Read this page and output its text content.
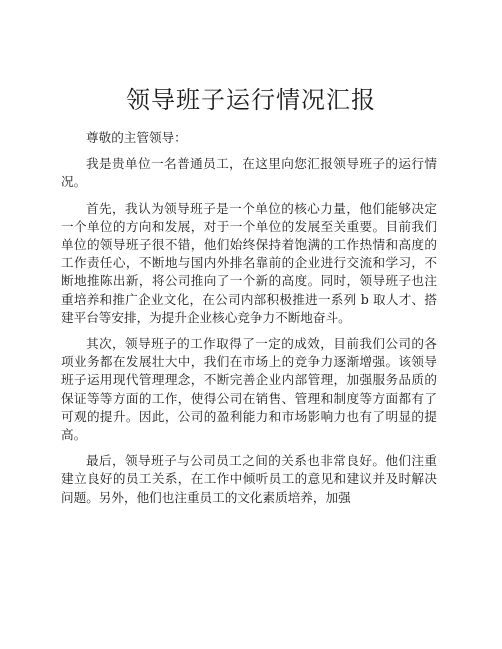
领导班子运行情况汇报

尊敬的主管领导：

我是贵单位一名普通员工，在这里向您汇报领导班子的运行情况。

首先，我认为领导班子是一个单位的核心力量，他们能够决定一个单位的方向和发展，对于一个单位的发展至关重要。目前我们单位的领导班子很不错，他们始终保持着饱满的工作热情和高度的工作责任心，不断地与国内外排名靠前的企业进行交流和学习，不断地推陈出新，将公司推向了一个新的高度。同时，领导班子也注重培养和推广企业文化，在公司内部积极推进一系列 b 取人才、搭建平台等安排，为提升企业核心竞争力不断地奋斗。

其次，领导班子的工作取得了一定的成效，目前我们公司的各项业务都在发展壮大中，我们在市场上的竞争力逐渐增强。该领导班子运用现代管理理念，不断完善企业内部管理，加强服务品质的保证等等方面的工作，使得公司在销售、管理和制度等方面都有了可观的提升。因此，公司的盈利能力和市场影响力也有了明显的提高。

最后，领导班子与公司员工之间的关系也非常良好。他们注重建立良好的员工关系，在工作中倾听员工的意见和建议并及时解决问题。另外，他们也注重员工的文化素质培养，加强
